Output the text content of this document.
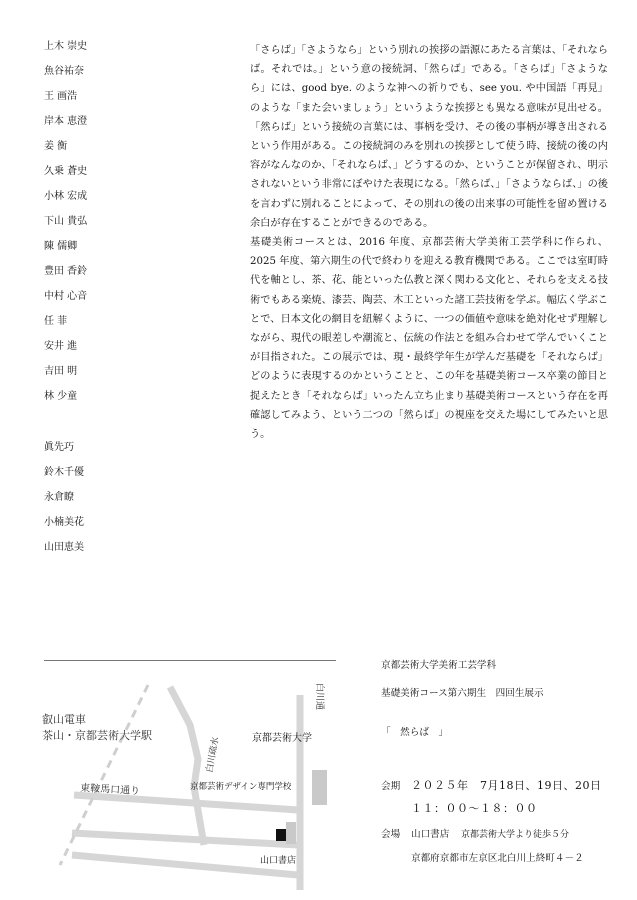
上木 崇史
魚谷祐奈
王 画浩
岸本 恵澄
姜 衡
久乗 蒼史
小林 宏成
下山 貴弘
陳 儒卿
豊田 香鈴
中村 心音
任 菲
安井 進
吉田 明
林 少童
眞先巧
鈴木千優
永倉瞭
小楠美花
山田恵美

「さらば」「さようなら」という別れの挨拶の語源にあたる言葉は、「それならば。それでは。」という意の接続詞、「然らば」である。「さらば」「さようなら」には、good bye. のような神への祈りでも、see you. や中国語「再見」のような「また会いましょう」というような挨拶とも異なる意味が見出せる。「然らば」という接続の言葉には、事柄を受け、その後の事柄が導き出されるという作用がある。この接続詞のみを別れの挨拶として使う時、接続の後の内容がなんなのか、「それならば、」どうするのか、ということが保留され、明示されないという非常にぼやけた表現になる。「然らば、」「さようならば、」の後を言わずに別れることによって、その別れの後の出来事の可能性を留め置ける余白が存在することができるのである。

基礎美術コースとは、2016 年度、京都芸術大学美術工芸学科に作られ、2025 年度、第六期生の代で終わりを迎える教育機関である。ここでは室町時代を軸とし、茶、花、能といった仏教と深く関わる文化と、それらを支える技術でもある楽焼、漆芸、陶芸、木工といった諸工芸技術を学ぶ。幅広く学ぶことで、日本文化の網目を紐解くように、一つの価値や意味を絶対化せず理解しながら、現代の眼差しや潮流と、伝統の作法とを組み合わせて学んでいくことが目指された。この展示では、現・最終学年生が学んだ基礎を「それならば」どのように表現するのかということと、この年を基礎美術コース卒業の節目と捉えたとき「それならば」いったん立ち止まり基礎美術コースという存在を再確認してみよう、という二つの「然らば」の視座を交えた場にしてみたいと思う。

叡山電車
茶山・京都芸術大学駅
東鞍馬口通り
白川疏水
白川通
京都芸術大学
京都芸術デザイン専門学校
山口書店
京都芸術大学美術工芸学科
基礎美術コース第六期生　四回生展示
「　然らば　」
会期 ２０２５年　7月18日、19日、20日
１１：００〜１８：００
会場 山口書店 京都芸術大学より徒歩５分
京都府京都市左京区北白川上終町４－２
